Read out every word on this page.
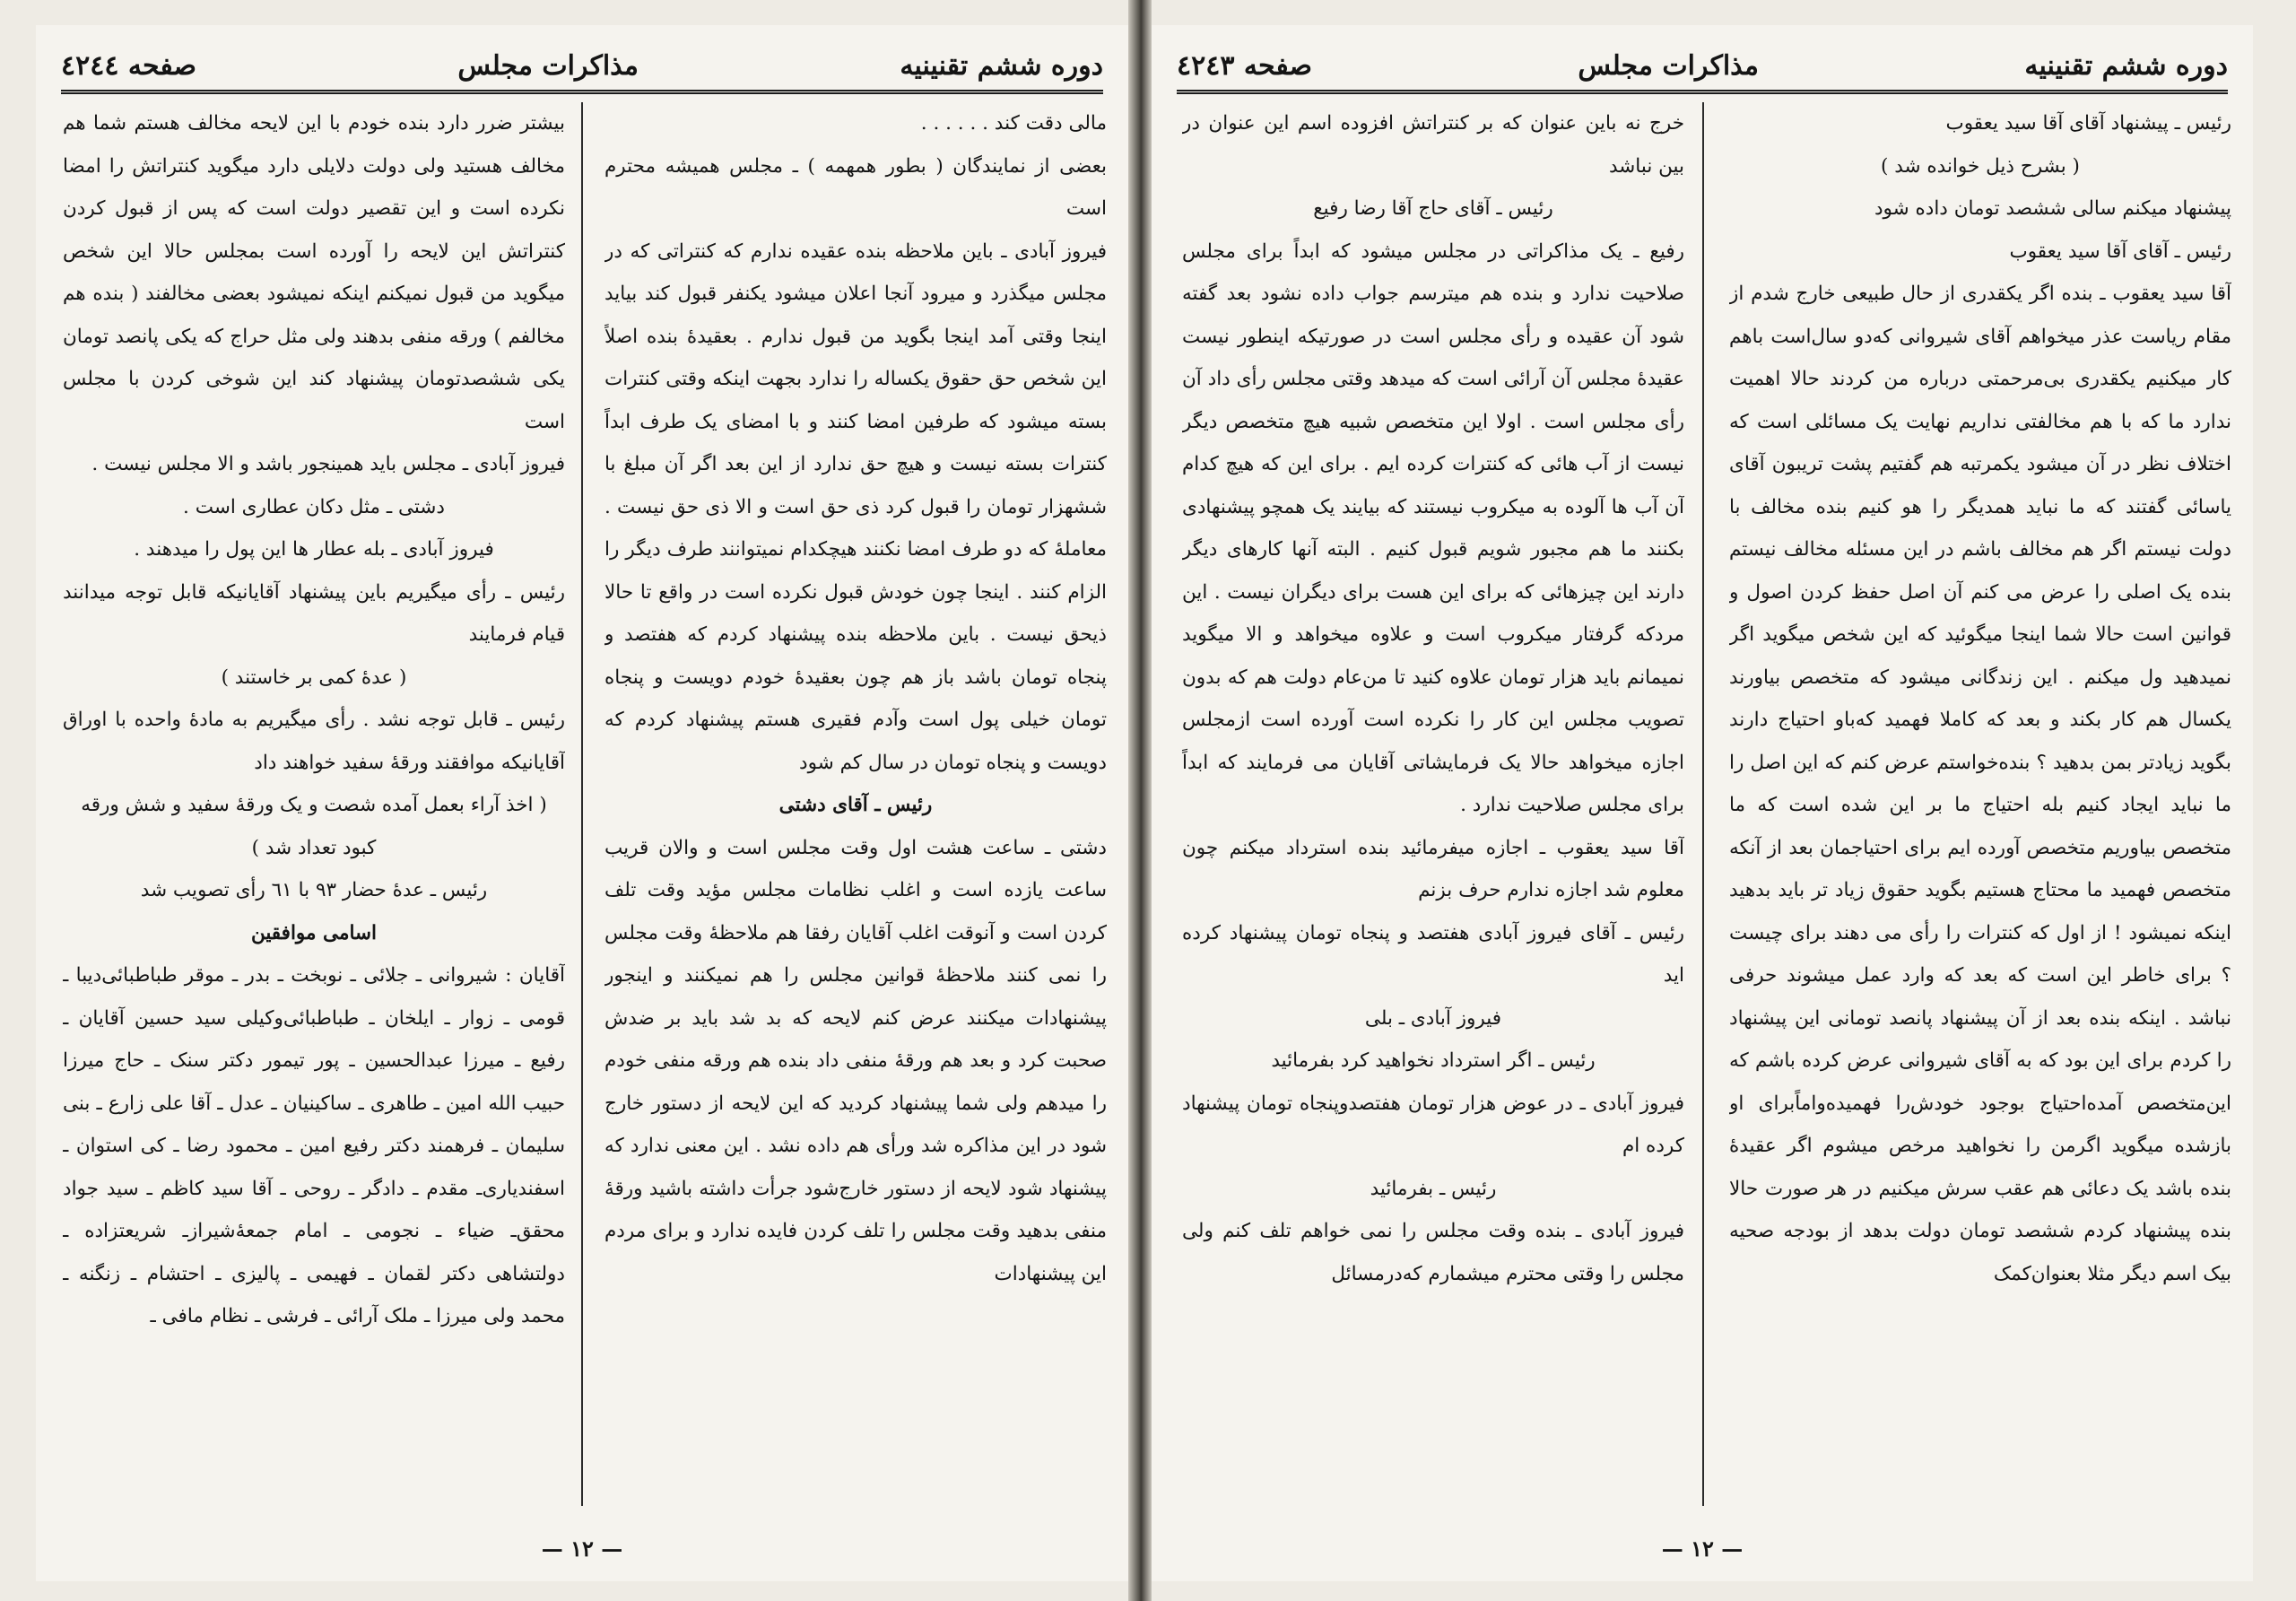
دوره ششم تقنینیه
مذاکرات مجلس
صفحه ٤٢٤٤

مالی دقت کند . . . . . .

بعضی از نمایندگان ( بطور همهمه ) ـ مجلس همیشه محترم است

فیروز آبادی ـ باین ملاحظه بنده عقیده ندارم که کنتراتی که در مجلس میگذرد و میرود آنجا اعلان میشود یکنفر قبول کند بیاید اینجا وقتی آمد اینجا بگوید من قبول ندارم . بعقیدهٔ بنده اصلاً این شخص حق حقوق یکساله را ندارد بجهت اینکه وقتی کنترات بسته میشود که طرفین امضا کنند و با امضای یک طرف ابداً کنترات بسته نیست و هیچ حق ندارد از این بعد اگر آن مبلغ با ششهزار تومان را قبول کرد ذی حق است و الا ذی حق نیست . معاملهٔ که دو طرف امضا نکنند هیچکدام نمیتوانند طرف دیگر را الزام کنند . اینجا چون خودش قبول نکرده است در واقع تا حالا ذیحق نیست . باین ملاحظه بنده پیشنهاد کردم که هفتصد و پنجاه تومان باشد باز هم چون بعقیدهٔ خودم دویست و پنجاه تومان خیلی پول است وآدم فقیری هستم پیشنهاد کردم که دویست و پنجاه تومان در سال کم شود

رئیس ـ آقای دشتی

دشتی ـ ساعت هشت اول وقت مجلس است و والان قریب ساعت یازده است و اغلب نظامات مجلس مؤید وقت تلف کردن است و آنوقت اغلب آقایان رفقا هم ملاحظهٔ وقت مجلس را نمی کنند ملاحظهٔ قوانین مجلس را هم نمیکنند و اینجور پیشنهادات میکنند عرض کنم لایحه که بد شد باید بر ضدش صحبت کرد و بعد هم ورقهٔ منفی داد بنده هم ورقه منفی خودم را میدهم ولی شما پیشنهاد کردید که این لایحه از دستور خارج شود در این مذاکره شد ورأی هم داده نشد . این معنی ندارد که پیشنهاد شود لایحه از دستور خارج‌شود جرأت داشته باشید ورقهٔ منفی بدهید وقت مجلس را تلف کردن فایده ندارد و برای مردم این پیشنهادات

بیشتر ضرر دارد بنده خودم با این لایحه مخالف هستم شما هم مخالف هستید ولی دولت دلایلی دارد میگوید کنتراتش را امضا نکرده است و این تقصیر دولت است که پس از قبول کردن کنتراتش این لایحه را آورده است بمجلس حالا این شخص میگوید من قبول نمیکنم اینکه نمیشود بعضی مخالفند ( بنده هم مخالفم ) ورقه منفی بدهند ولی مثل حراج که یکی پانصد تومان یکی ششصدتومان پیشنهاد کند این شوخی کردن با مجلس است

فیروز آبادی ـ مجلس باید همینجور باشد و الا مجلس نیست .

دشتی ـ مثل دکان عطاری است .

فیروز آبادی ـ بله عطار ها این پول را میدهند .

رئیس ـ رأی میگیریم باین پیشنهاد آقایانیکه قابل توجه میدانند قیام فرمایند

( عدهٔ کمی بر خاستند )

رئیس ـ قابل توجه نشد . رأی میگیریم به مادهٔ واحده با اوراق آقایانیکه موافقند ورقهٔ سفید خواهند داد

( اخذ آراء بعمل آمده شصت و یک ورقهٔ سفید و شش ورقه کبود تعداد شد )

رئیس ـ عدهٔ حضار ٩٣ با ٦١ رأی تصویب شد

اسامی موافقین

آقایان : شیروانی ـ جلائی ـ نوبخت ـ بدر ـ موقر طباطبائی‌دیبا ـ قومی ـ زوار ـ ایلخان ـ طباطبائی‌وکیلی سید حسین آقایان ـ رفیع ـ میرزا عبدالحسین ـ پور تیمور دکتر سنک ـ حاج میرزا حبیب الله امین ـ طاهری ـ ساکینیان ـ عدل ـ آقا علی زارع ـ بنی سلیمان ـ فرهمند دکتر رفیع امین ـ محمود رضا ـ کی استوان ـ اسفندیاری‌ـ مقدم ـ دادگر ـ روحی ـ آقا سید کاظم ـ سید جواد محقق‌ـ ضیاء ـ نجومی ـ امام جمعهٔ‌شیراز‌ـ شریعتزاده ـ دولتشاهی دکتر لقمان ـ فهیمی ـ پالیزی ـ احتشام ـ زنگنه ـ محمد ولی میرزا ـ ملک آرائی ـ فرشی ـ نظام مافی ـ

— ۱۲ —
دوره ششم تقنینیه
مذاکرات مجلس
صفحه ٤٢٤٣

رئیس ـ پیشنهاد آقای آقا سید یعقوب

( بشرح ذیل خوانده شد )

پیشنهاد میکنم سالی ششصد تومان داده شود

رئیس ـ آقای آقا سید یعقوب

آقا سید یعقوب ـ بنده اگر یکقدری از حال طبیعی خارج شدم از مقام ریاست عذر میخواهم آقای شیروانی که‌دو سال‌است باهم کار میکنیم یکقدری بی‌مرحمتی درباره من کردند حالا اهمیت ندارد ما که با هم مخالفتی نداریم نهایت یک مسائلی است که اختلاف نظر در آن میشود یکمرتبه هم گفتیم پشت تریبون آقای یاسائی گفتند که ما نباید همدیگر را هو کنیم بنده مخالف با دولت نیستم اگر هم مخالف باشم در این مسئله مخالف نیستم بنده یک اصلی را عرض می کنم آن اصل حفظ کردن اصول و قوانین است حالا شما اینجا میگوئید که این شخص میگوید اگر نمیدهید ول میکنم . این زندگانی میشود که متخصص بیاورند یکسال هم کار بکند و بعد که کاملا فهمید که‌باو احتیاج دارند بگوید زیادتر بمن بدهید ؟ بنده‌خواستم عرض کنم که این اصل را ما نباید ایجاد کنیم بله احتیاج ما بر این شده است که ما متخصص بیاوریم متخصص آورده ایم برای احتیاجمان بعد از آنکه متخصص فهمید ما محتاج هستیم بگوید حقوق زیاد تر باید بدهید اینکه نمیشود ! از اول که کنترات را رأی می دهند برای چیست ؟ برای خاطر این است که بعد که وارد عمل میشوند حرفی نباشد . اینکه بنده بعد از آن پیشنهاد پانصد تومانی این پیشنهاد را کردم برای این بود که به آقای شیروانی عرض کرده باشم که این‌متخصص آمده‌احتیاج بوجود خودش‌را فهمیده‌واماًبرای او بازشده میگوید اگرمن را نخواهید مرخص میشوم اگر عقیدهٔ بنده باشد یک دعائی هم عقب سرش میکنیم در هر صورت حالا بنده پیشنهاد کردم ششصد تومان دولت بدهد از بودجه صحیه بیک اسم دیگر مثلا بعنوان‌کمک

خرج نه باین عنوان که بر کنتراتش افزوده اسم این عنوان در بین نباشد

رئیس ـ آقای حاج آقا رضا رفیع

رفیع ـ یک مذاکراتی در مجلس میشود که ابداً برای مجلس صلاحیت ندارد و بنده هم میترسم جواب داده نشود بعد گفته شود آن عقیده و رأی مجلس است در صورتیکه اینطور نیست عقیدهٔ مجلس آن آرائی است که میدهد وقتی مجلس رأی داد آن رأی مجلس است . اولا این متخصص شبیه هیچ متخصص دیگر نیست از آب هائی که کنترات کرده ایم . برای این که هیچ کدام آن آب ها آلوده به میکروب نیستند که بیایند یک همچو پیشنهادی بکنند ما هم مجبور شویم قبول کنیم . البته آنها کارهای دیگر دارند این چیزهائی که برای این هست برای دیگران نیست . این مردکه گرفتار میکروب است و علاوه میخواهد و الا میگوید نمیمانم باید هزار تومان علاوه کنید تا من‌عام دولت هم که بدون تصویب مجلس این کار را نکرده است آورده است ازمجلس اجازه میخواهد حالا یک فرمایشاتی آقایان می فرمایند که ابداً برای مجلس صلاحیت ندارد .

آقا سید یعقوب ـ اجازه میفرمائید بنده استرداد میکنم چون معلوم شد اجازه ندارم حرف بزنم

رئیس ـ آقای فیروز آبادی هفتصد و پنجاه تومان پیشنهاد کرده اید

فیروز آبادی ـ بلی

رئیس ـ اگر استرداد نخواهید کرد بفرمائید

فیروز آبادی ـ در عوض هزار تومان هفتصدوپنجاه تومان پیشنهاد کرده ام

رئیس ـ بفرمائید

فیروز آبادی ـ بنده وقت مجلس را نمی خواهم تلف کنم ولی مجلس را وقتی محترم میشمارم که‌درمسائل

— ۱۲ —
